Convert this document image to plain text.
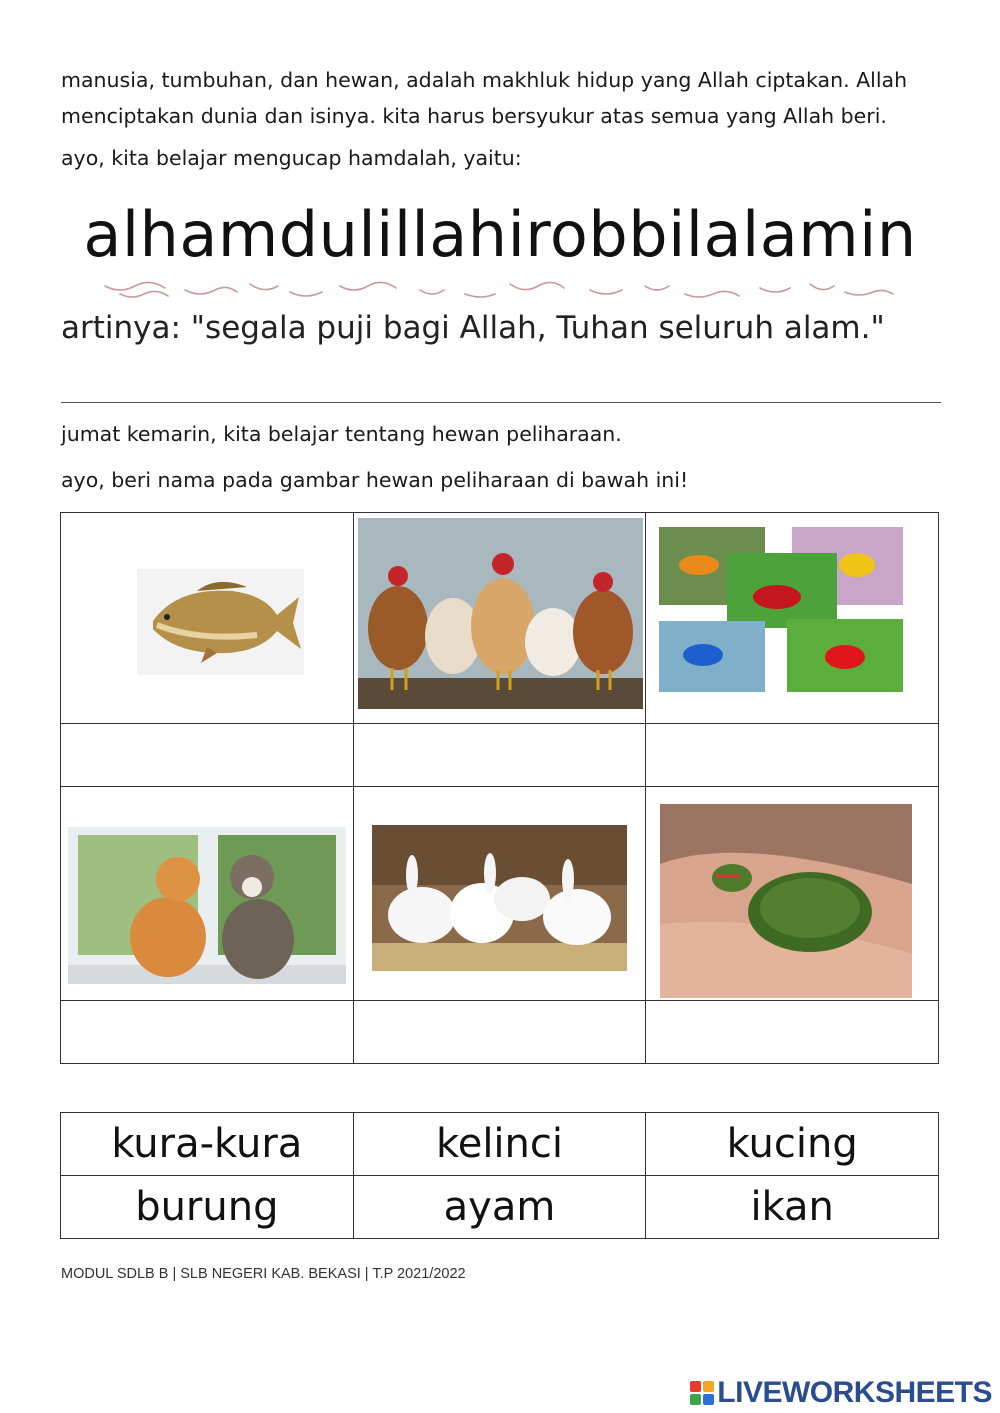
manusia, tumbuhan, dan hewan, adalah makhluk hidup yang Allah ciptakan. Allah menciptakan dunia dan isinya. kita harus bersyukur atas semua yang Allah beri.

ayo, kita belajar mengucap hamdalah, yaitu:

alhamdulillahirobbilalamin

artinya: "segala puji bagi Allah, Tuhan seluruh alam."

jumat kemarin, kita belajar tentang hewan peliharaan.

ayo, beri nama pada gambar hewan peliharaan di bawah ini!

kura-kura	kelinci	kucing
burung	ayam	ikan

MODUL SDLB B | SLB NEGERI KAB. BEKASI | T.P 2021/2022

LIVEWORKSHEETS
